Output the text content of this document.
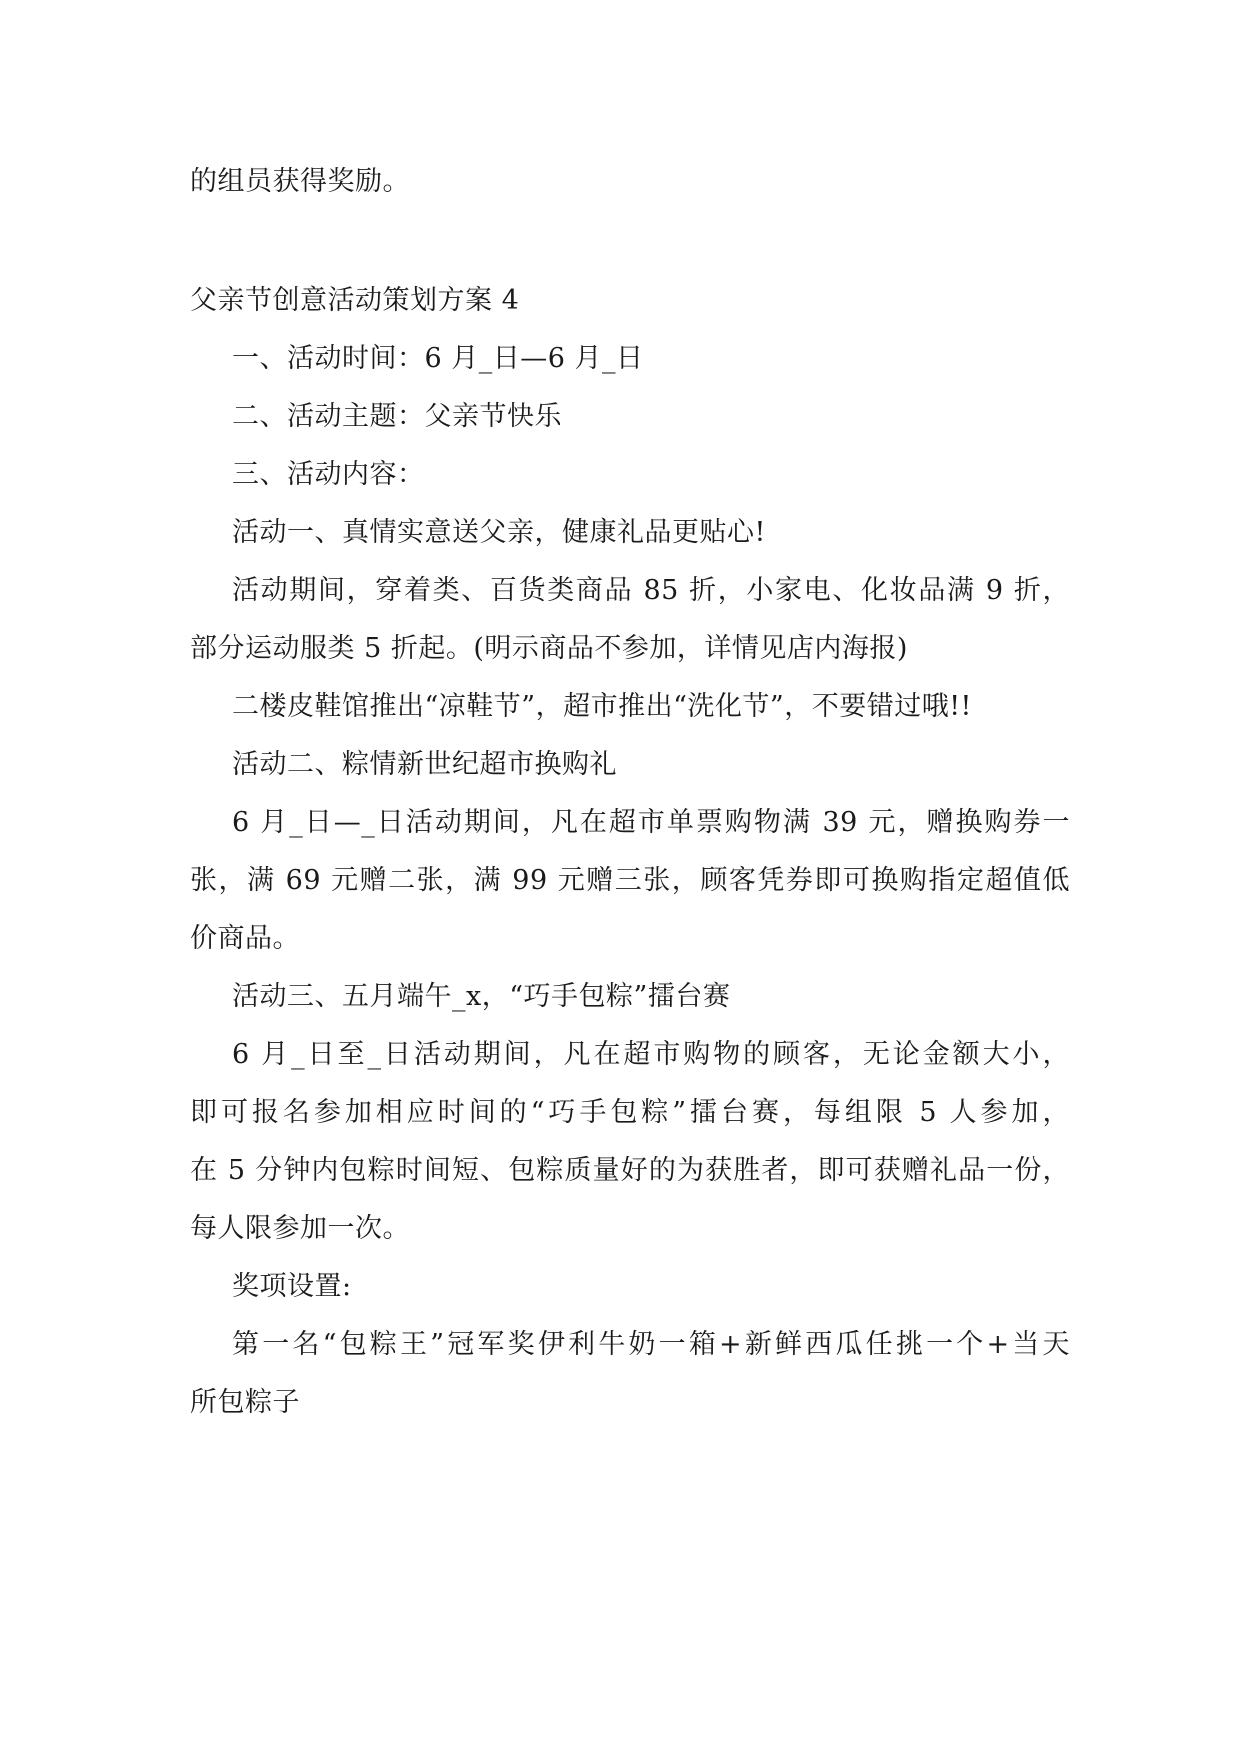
的组员获得奖励。

父亲节创意活动策划方案 4

一、活动时间：6 月_日—6 月_日

二、活动主题：父亲节快乐

三、活动内容：

活动一、真情实意送父亲，健康礼品更贴心!

活动期间，穿着类、百货类商品 85 折，小家电、化妆品满 9 折，

部分运动服类 5 折起。(明示商品不参加，详情见店内海报)

二楼皮鞋馆推出“凉鞋节”，超市推出“洗化节”，不要错过哦!!

活动二、粽情新世纪超市换购礼

6 月_日—_日活动期间，凡在超市单票购物满 39 元，赠换购券一

张，满 69 元赠二张，满 99 元赠三张，顾客凭券即可换购指定超值低

价商品。

活动三、五月端午_x，“巧手包粽”擂台赛

6 月_日至_日活动期间，凡在超市购物的顾客，无论金额大小，

即可报名参加相应时间的“巧手包粽”擂台赛，每组限 5 人参加，

在 5 分钟内包粽时间短、包粽质量好的为获胜者，即可获赠礼品一份，

每人限参加一次。

奖项设置:

第一名“包粽王”冠军奖伊利牛奶一箱+新鲜西瓜任挑一个+当天

所包粽子
